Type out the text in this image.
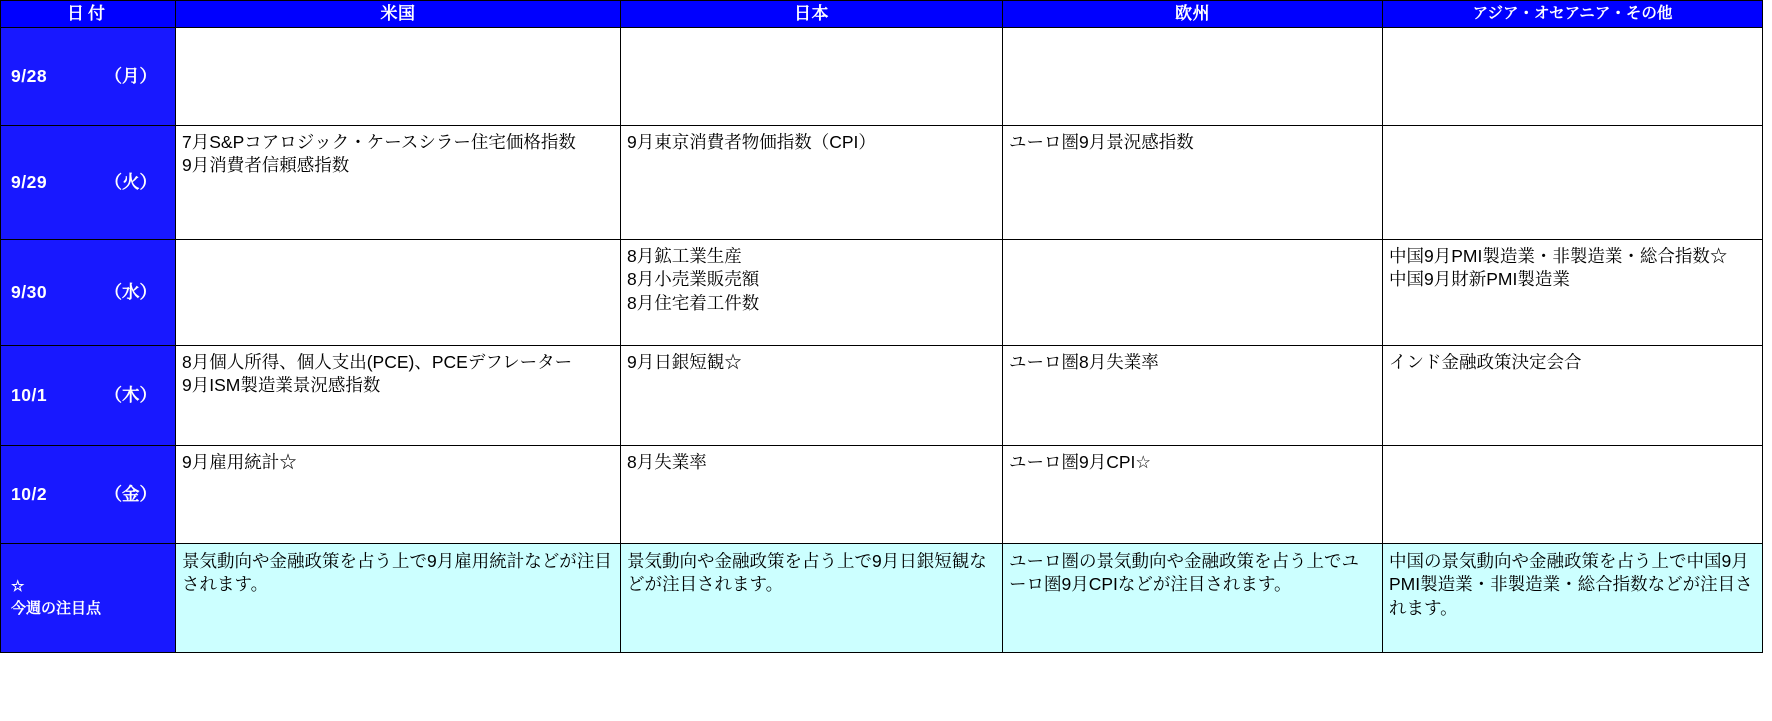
日付	米国	日本	欧州	アジア・オセアニア・その他

9/28 （月）				

9/29 （火）	7月S&Pコアロジック・ケースシラー住宅価格指数
9月消費者信頼感指数	9月東京消費者物価指数（CPI）	ユーロ圏9月景況感指数	

9/30 （水）		8月鉱工業生産
8月小売業販売額
8月住宅着工件数		中国9月PMI製造業・非製造業・総合指数☆
中国9月財新PMI製造業

10/1 （木）	8月個人所得、個人支出(PCE)、PCEデフレーター
9月ISM製造業景況感指数	9月日銀短観☆	ユーロ圏8月失業率	インド金融政策決定会合

10/2 （金）	9月雇用統計☆	8月失業率	ユーロ圏9月CPI☆	

☆
今週の注目点	景気動向や金融政策を占う上で9月雇用統計などが注目されます。	景気動向や金融政策を占う上で9月日銀短観などが注目されます。	ユーロ圏の景気動向や金融政策を占う上でユーロ圏9月CPIなどが注目されます。	中国の景気動向や金融政策を占う上で中国9月PMI製造業・非製造業・総合指数などが注目されます。
